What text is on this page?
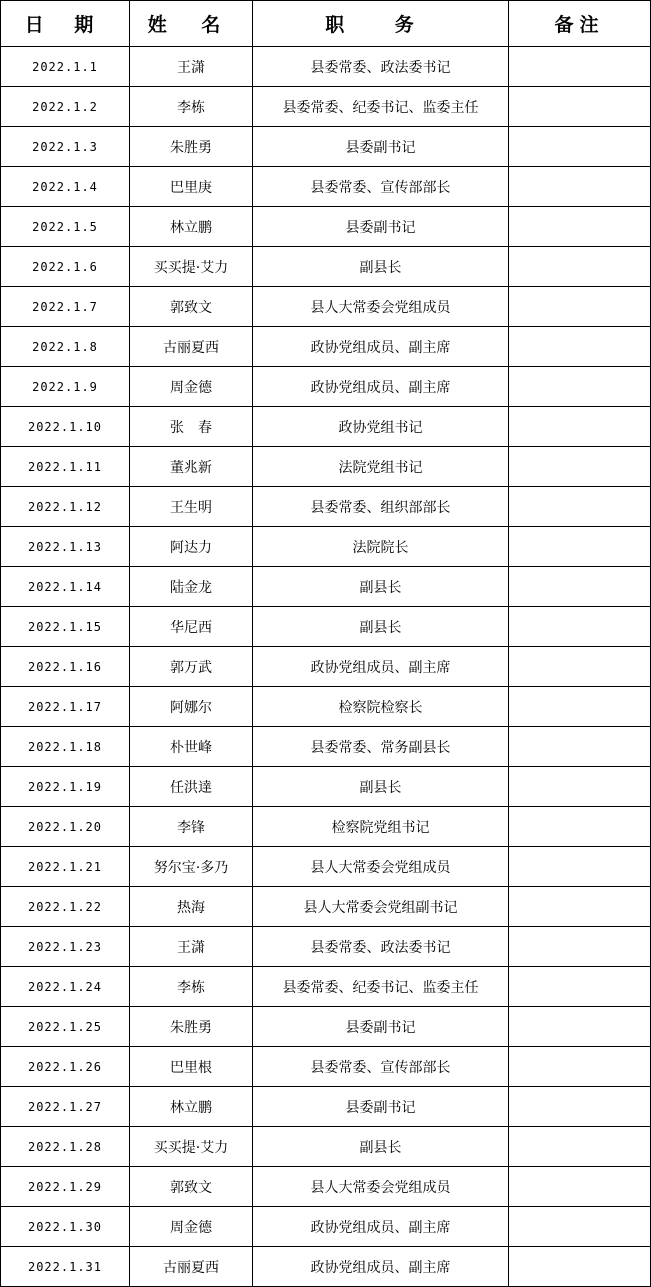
日 期	姓 名	职 务	备注
2022.1.1	王潇	县委常委、政法委书记	
2022.1.2	李栋	县委常委、纪委书记、监委主任	
2022.1.3	朱胜勇	县委副书记	
2022.1.4	巴里庚	县委常委、宣传部部长	
2022.1.5	林立鹏	县委副书记	
2022.1.6	买买提·艾力	副县长	
2022.1.7	郭致文	县人大常委会党组成员	
2022.1.8	古丽夏西	政协党组成员、副主席	
2022.1.9	周金德	政协党组成员、副主席	
2022.1.10	张　春	政协党组书记	
2022.1.11	董兆新	法院党组书记	
2022.1.12	王生明	县委常委、组织部部长	
2022.1.13	阿达力	法院院长	
2022.1.14	陆金龙	副县长	
2022.1.15	华尼西	副县长	
2022.1.16	郭万武	政协党组成员、副主席	
2022.1.17	阿娜尔	检察院检察长	
2022.1.18	朴世峰	县委常委、常务副县长	
2022.1.19	任洪達	副县长	
2022.1.20	李锋	检察院党组书记	
2022.1.21	努尔宝·多乃	县人大常委会党组成员	
2022.1.22	热海	县人大常委会党组副书记	
2022.1.23	王潇	县委常委、政法委书记	
2022.1.24	李栋	县委常委、纪委书记、监委主任	
2022.1.25	朱胜勇	县委副书记	
2022.1.26	巴里根	县委常委、宣传部部长	
2022.1.27	林立鹏	县委副书记	
2022.1.28	买买提·艾力	副县长	
2022.1.29	郭致文	县人大常委会党组成员	
2022.1.30	周金德	政协党组成员、副主席	
2022.1.31	古丽夏西	政协党组成员、副主席	
